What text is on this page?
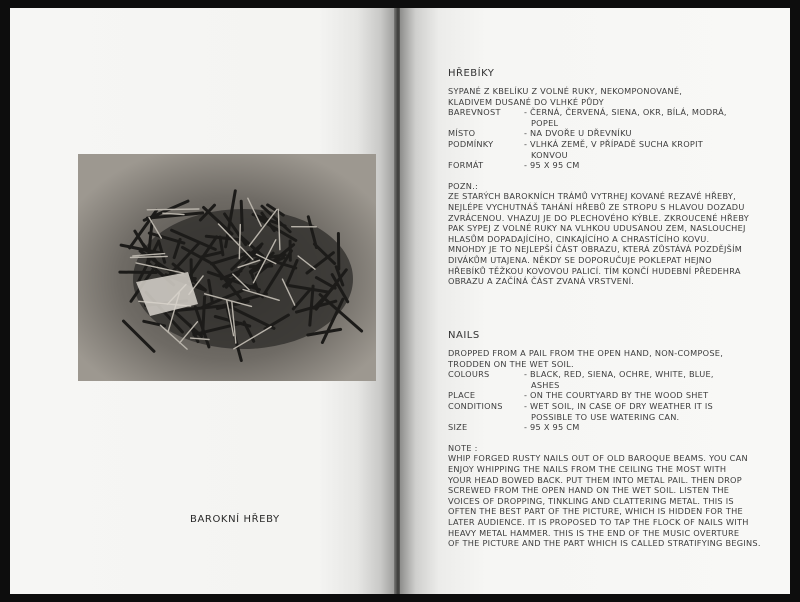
BAROKNÍ HŘEBY
HŘEBÍKY
SYPANÉ Z KBELÍKU Z VOLNÉ RUKY, NEKOMPONOVANÉ,
KLADIVEM DUSANÉ DO VLHKÉ PŮDY
BAREVNOST	- ČERNÁ, ČERVENÁ, SIENA, OKR, BÍLÁ, MODRÁ,
POPEL
MÍSTO	- NA DVOŘE U DŘEVNÍKU
PODMÍNKY	- VLHKÁ ZEMĚ, V PŘÍPADĚ SUCHA KROPIT
KONVOU
FORMÁT	- 95 X 95 CM
POZN.:
ZE STARÝCH BAROKNÍCH TRÁMŮ VYTRHEJ KOVANÉ REZAVÉ HŘEBY,
NEJLÉPE VYCHUTNÁŠ TAHÁNÍ HŘEBŮ ZE STROPU S HLAVOU DOZADU
ZVRÁCENOU. VHAZUJ JE DO PLECHOVÉHO KÝBLE. ZKROUCENÉ HŘEBY
PAK SYPEJ Z VOLNÉ RUKY NA VLHKOU UDUSANOU ZEM, NASLOUCHEJ
HLASŮM DOPADAJÍCÍHO, CINKAJÍCÍHO A CHRASTÍCÍHO KOVU.
MNOHDY JE TO NEJLEPŠÍ ČÁST OBRAZU, KTERÁ ZŮSTÁVÁ POZDĚJŠÍM
DIVÁKŮM UTAJENA. NĚKDY SE DOPORUČUJE POKLEPAT HEJNO
HŘEBÍKŮ TĚŽKOU KOVOVOU PALICÍ. TÍM KONČÍ HUDEBNÍ PŘEDEHRA
OBRAZU A ZAČÍNÁ ČÁST ZVANÁ VRSTVENÍ.
NAILS
DROPPED FROM A PAIL FROM THE OPEN HAND, NON-COMPOSE,
TRODDEN ON THE WET SOIL.
COLOURS	- BLACK, RED, SIENA, OCHRE, WHITE, BLUE,
ASHES
PLACE	- ON THE COURTYARD BY THE WOOD SHET
CONDITIONS	- WET SOIL, IN CASE OF DRY WEATHER IT IS
POSSIBLE TO USE WATERING CAN.
SIZE	- 95 X 95 CM
NOTE :
WHIP FORGED RUSTY NAILS OUT OF OLD BAROQUE BEAMS. YOU CAN
ENJOY WHIPPING THE NAILS FROM THE CEILING THE MOST WITH
YOUR HEAD BOWED BACK. PUT THEM INTO METAL PAIL. THEN DROP
SCREWED FROM THE OPEN HAND ON THE WET SOIL. LISTEN THE
VOICES OF DROPPING, TINKLING AND CLATTERING METAL. THIS IS
OFTEN THE BEST PART OF THE PICTURE, WHICH IS HIDDEN FOR THE
LATER AUDIENCE. IT IS PROPOSED TO TAP THE FLOCK OF NAILS WITH
HEAVY METAL HAMMER. THIS IS THE END OF THE MUSIC OVERTURE
OF THE PICTURE AND THE PART WHICH IS CALLED STRATIFYING BEGINS.
